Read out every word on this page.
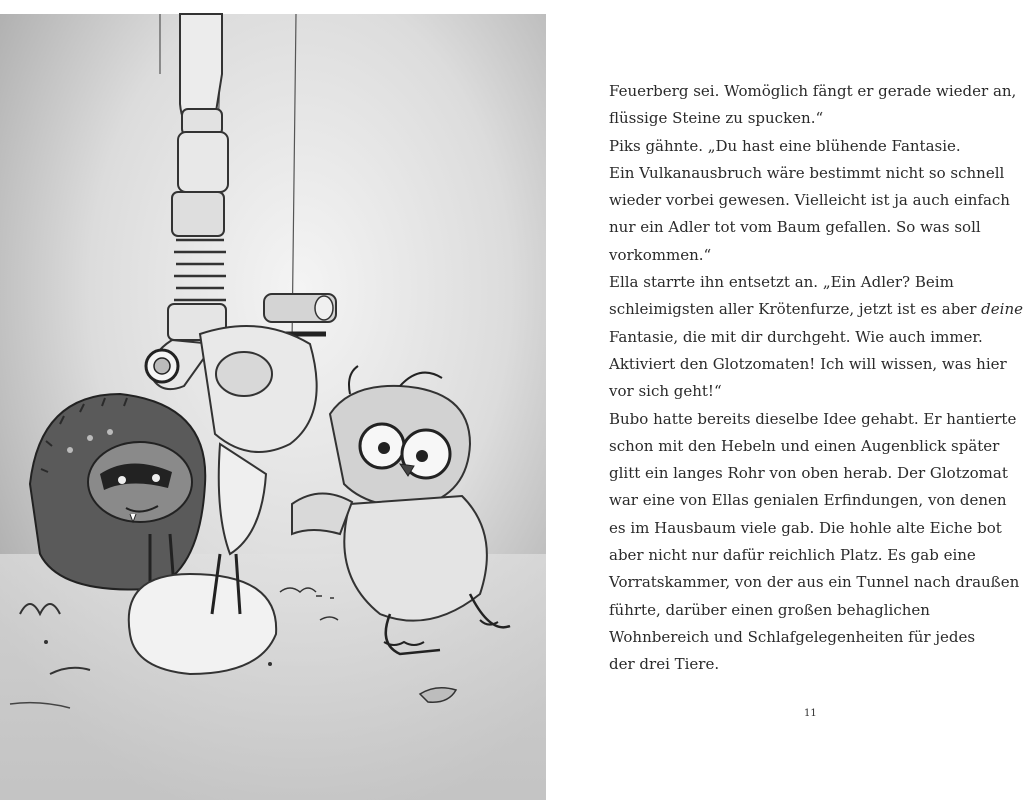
Feuerberg sei. Womöglich fängt er gerade wieder an,
flüssige Steine zu spucken.“
Piks gähnte. „Du hast eine blühende Fantasie.
Ein Vulkanausbruch wäre bestimmt nicht so schnell
wieder vorbei gewesen. Vielleicht ist ja auch einfach
nur ein Adler tot vom Baum gefallen. So was soll
vorkommen.“
Ella starrte ihn entsetzt an. „Ein Adler? Beim
schleimigsten aller Krötenfurze, jetzt ist es aber deine
Fantasie, die mit dir durchgeht. Wie auch immer.
Aktiviert den Glotzomaten! Ich will wissen, was hier
vor sich geht!“
Bubo hatte bereits dieselbe Idee gehabt. Er hantierte
schon mit den Hebeln und einen Augenblick später
glitt ein langes Rohr von oben herab. Der Glotzomat
war eine von Ellas genialen Erfindungen, von denen
es im Hausbaum viele gab. Die hohle alte Eiche bot
aber nicht nur dafür reichlich Platz. Es gab eine
Vorratskammer, von der aus ein Tunnel nach draußen
führte, darüber einen großen behaglichen
Wohnbereich und Schlafgelegenheiten für jedes
der drei Tiere.
11
